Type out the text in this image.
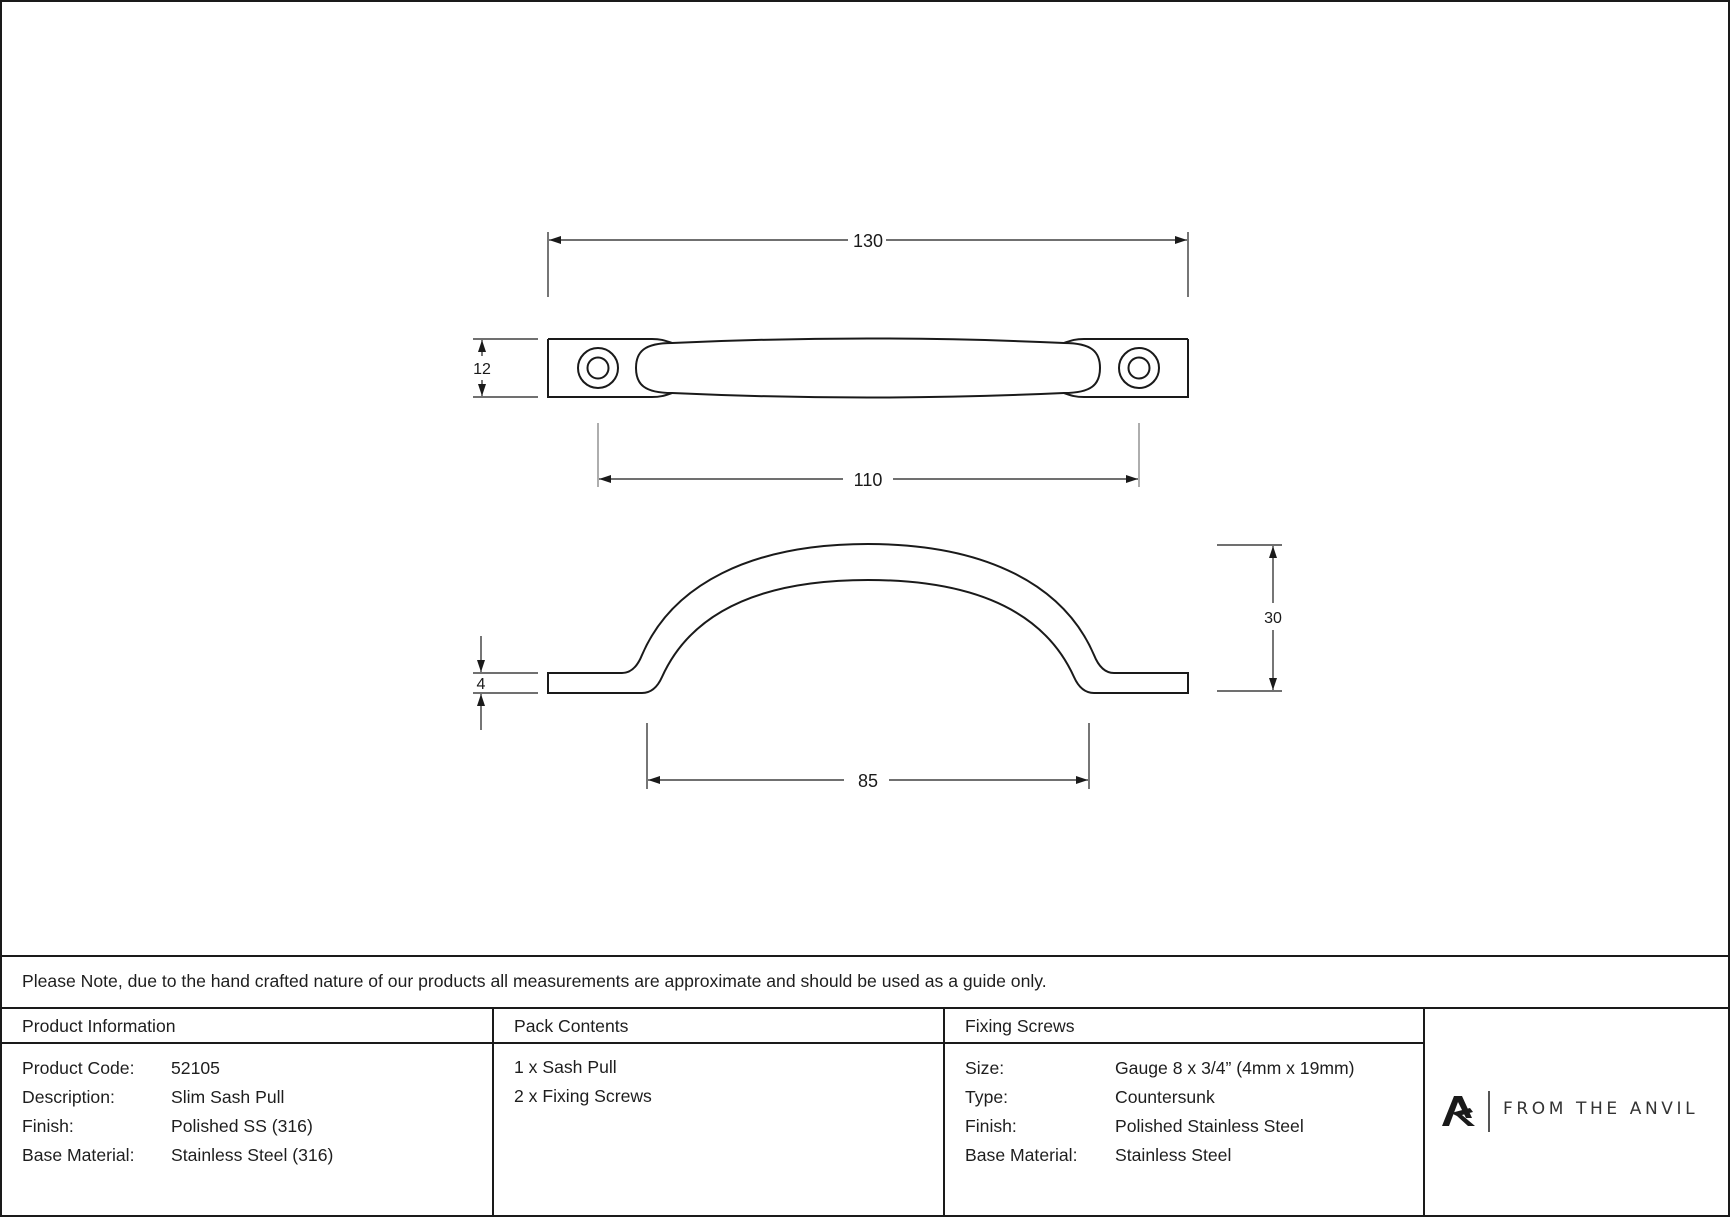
130
12
110
4
30
85
Please Note, due to the hand crafted nature of our products all measurements are approximate and should be used as a guide only.
Product Information
Product Code: 52105
Description:	Slim Sash Pull
Finish:	Polished SS (316)
Base Material: Stainless Steel (316)
Pack Contents
1 x Sash Pull
2 x Fixing Screws
Fixing Screws
Size:	Gauge 8 x 3/4” (4mm x 19mm)
Type:	Countersunk
Finish:	Polished Stainless Steel
Base Material: Stainless Steel
FROM THE ANVIL
